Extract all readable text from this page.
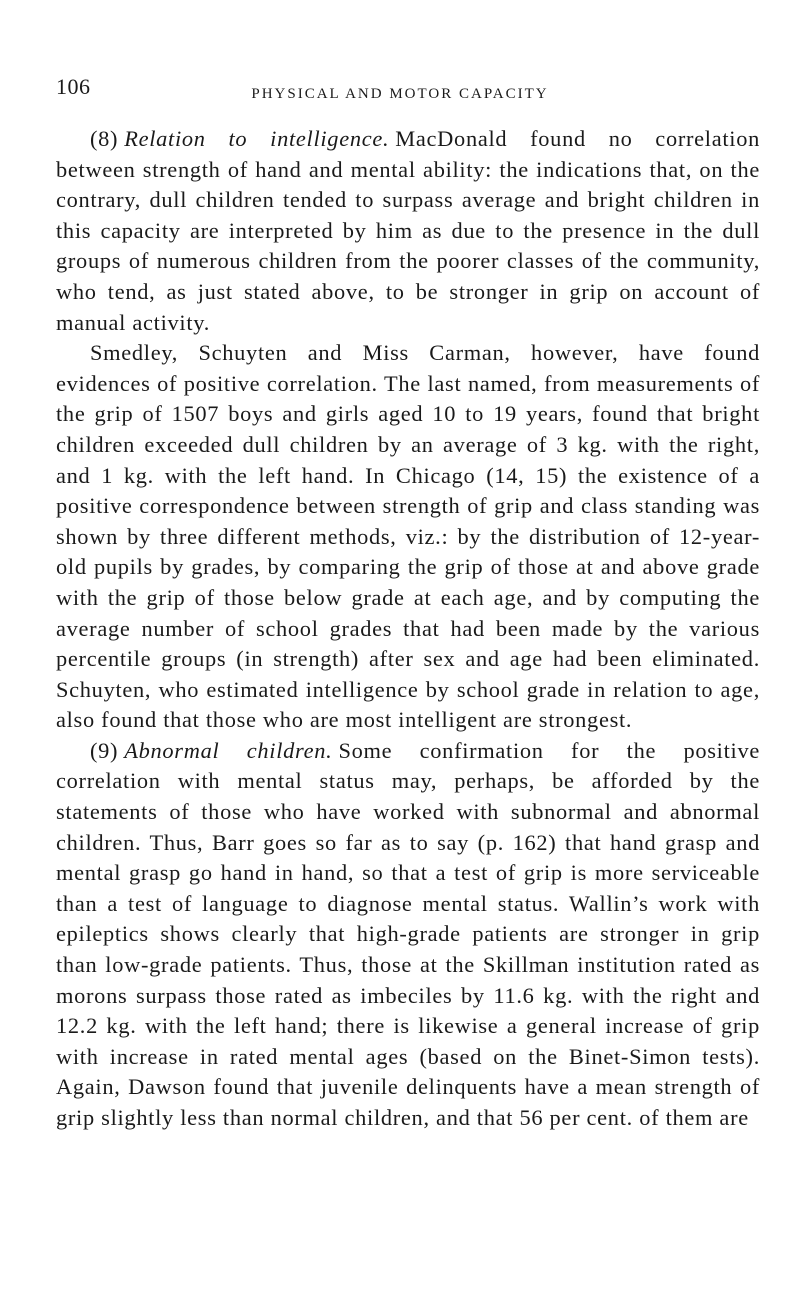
106	PHYSICAL AND MOTOR CAPACITY

(8) Relation to intelligence. MacDonald found no correlation between strength of hand and mental ability: the indications that, on the contrary, dull children tended to surpass average and bright children in this capacity are interpreted by him as due to the presence in the dull groups of numerous children from the poorer classes of the community, who tend, as just stated above, to be stronger in grip on account of manual activity.

Smedley, Schuyten and Miss Carman, however, have found evidences of positive correlation. The last named, from measurements of the grip of 1507 boys and girls aged 10 to 19 years, found that bright children exceeded dull children by an average of 3 kg. with the right, and 1 kg. with the left hand. In Chicago (14, 15) the existence of a positive correspondence between strength of grip and class standing was shown by three different methods, viz.: by the distribution of 12-year-old pupils by grades, by comparing the grip of those at and above grade with the grip of those below grade at each age, and by computing the average number of school grades that had been made by the various percentile groups (in strength) after sex and age had been eliminated. Schuyten, who estimated intelligence by school grade in relation to age, also found that those who are most intelligent are strongest.

(9) Abnormal children. Some confirmation for the positive correlation with mental status may, perhaps, be afforded by the statements of those who have worked with subnormal and abnormal children. Thus, Barr goes so far as to say (p. 162) that hand grasp and mental grasp go hand in hand, so that a test of grip is more serviceable than a test of language to diagnose mental status. Wallin’s work with epileptics shows clearly that high-grade patients are stronger in grip than low-grade patients. Thus, those at the Skillman institution rated as morons surpass those rated as imbeciles by 11.6 kg. with the right and 12.2 kg. with the left hand; there is likewise a general increase of grip with increase in rated mental ages (based on the Binet-Simon tests). Again, Dawson found that juvenile delinquents have a mean strength of grip slightly less than normal children, and that 56 per cent. of them are
